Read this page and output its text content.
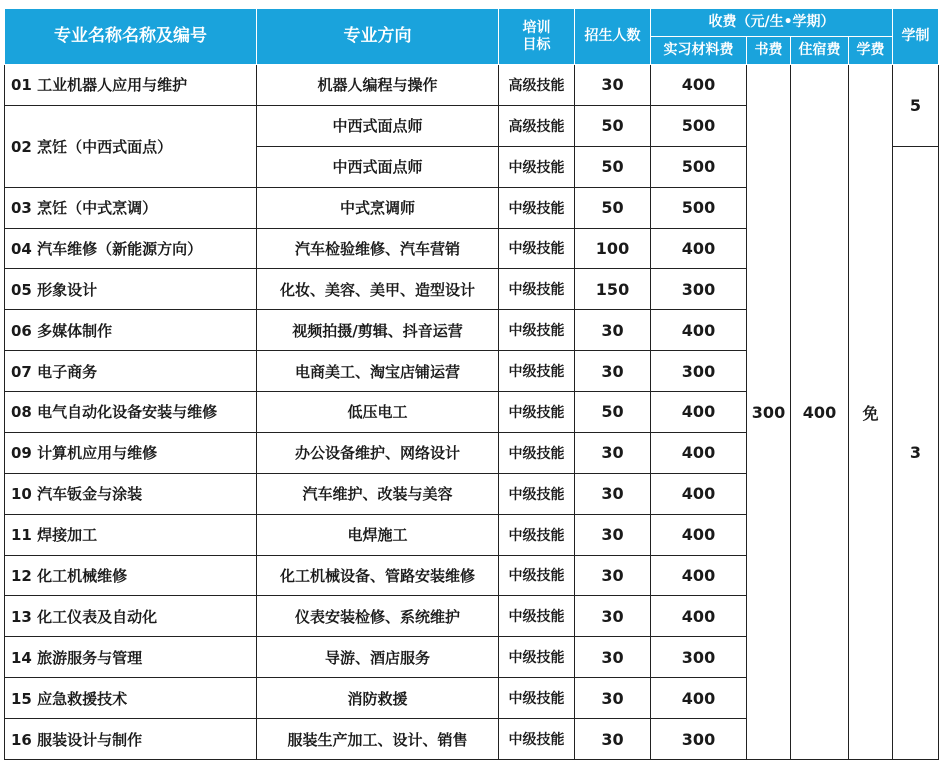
专业名称名称及编号	专业方向	培训
目标	招生人数	收费（元/生•学期）				学制
				实习材料费	书费	住宿费	学费	
01 工业机器人应用与维护	机器人编程与操作	高级技能	30	400	300	400	免	5
02 烹饪（中西式面点）	中西式面点师	高级技能	50	500				
	中西式面点师	中级技能	50	500				3
03 烹饪（中式烹调）	中式烹调师	中级技能	50	500				
04 汽车维修（新能源方向）	汽车检验维修、汽车营销	中级技能	100	400				
05 形象设计	化妆、美容、美甲、造型设计	中级技能	150	300				
06 多媒体制作	视频拍摄/剪辑、抖音运营	中级技能	30	400				
07 电子商务	电商美工、淘宝店铺运营	中级技能	30	300				
08 电气自动化设备安装与维修	低压电工	中级技能	50	400				
09 计算机应用与维修	办公设备维护、网络设计	中级技能	30	400				
10 汽车钣金与涂装	汽车维护、改装与美容	中级技能	30	400				
11 焊接加工	电焊施工	中级技能	30	400				
12 化工机械维修	化工机械设备、管路安装维修	中级技能	30	400				
13 化工仪表及自动化	仪表安装检修、系统维护	中级技能	30	400				
14 旅游服务与管理	导游、酒店服务	中级技能	30	300				
15 应急救援技术	消防救援	中级技能	30	400				
16 服装设计与制作	服装生产加工、设计、销售	中级技能	30	300				
